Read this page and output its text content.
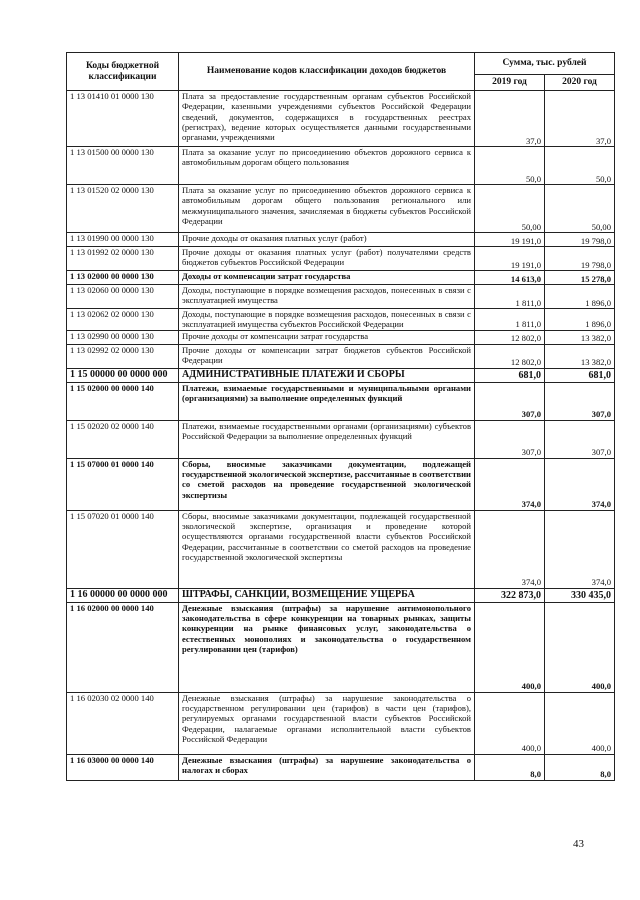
Коды бюджетной классификации	Наименование кодов классификации доходов бюджетов	Сумма, тыс. рублей	
		2019 год	2020 год
1 13 01410 01 0000 130	Плата за предоставление государственным органам субъектов Российской Федерации, казенными учреждениями субъектов Российской Федерации сведений, документов, содержащихся в государственных реестрах (регистрах), ведение которых осуществляется данными государственными органами, учреждениями	37,0	37,0
1 13 01500 00 0000 130	Плата за оказание услуг по присоединению объектов дорожного сервиса к автомобильным дорогам общего пользования	50,0	50,0
1 13 01520 02 0000 130	Плата за оказание услуг по присоединению объектов дорожного сервиса к автомобильным дорогам общего пользования регионального или межмуниципального значения, зачисляемая в бюджеты субъектов Российской Федерации	50,00	50,00
1 13 01990 00 0000 130	Прочие доходы от оказания платных услуг (работ)	19 191,0	19 798,0
1 13 01992 02 0000 130	Прочие доходы от оказания платных услуг (работ) получателями средств бюджетов субъектов Российской Федерации	19 191,0	19 798,0
1 13 02000 00 0000 130	Доходы от компенсации затрат государства	14 613,0	15 278,0
1 13 02060 00 0000 130	Доходы, поступающие в порядке возмещения расходов, понесенных в связи с эксплуатацией имущества	1 811,0	1 896,0
1 13 02062 02 0000 130	Доходы, поступающие в порядке возмещения расходов, понесенных в связи с эксплуатацией имущества субъектов Российской Федерации	1 811,0	1 896,0
1 13 02990 00 0000 130	Прочие доходы от компенсации затрат государства	12 802,0	13 382,0
1 13 02992 02 0000 130	Прочие доходы от компенсации затрат бюджетов субъектов Российской Федерации	12 802,0	13 382,0
1 15 00000 00 0000 000	АДМИНИСТРАТИВНЫЕ ПЛАТЕЖИ И СБОРЫ	681,0	681,0
1 15 02000 00 0000 140	Платежи, взимаемые государственными и муниципальными органами (организациями) за выполнение определенных функций	307,0	307,0
1 15 02020 02 0000 140	Платежи, взимаемые государственными органами (организациями) субъектов Российской Федерации за выполнение определенных функций	307,0	307,0
1 15 07000 01 0000 140	Сборы, вносимые заказчиками документации, подлежащей государственной экологической экспертизе, рассчитанные в соответствии со сметой расходов на проведение государственной экологической экспертизы	374,0	374,0
1 15 07020 01 0000 140	Сборы, вносимые заказчиками документации, подлежащей государственной экологической экспертизе, организация и проведение которой осуществляются органами государственной власти субъектов Российской Федерации, рассчитанные в соответствии со сметой расходов на проведение государственной экологической экспертизы	374,0	374,0
1 16 00000 00 0000 000	ШТРАФЫ, САНКЦИИ, ВОЗМЕЩЕНИЕ УЩЕРБА	322 873,0	330 435,0
1 16 02000 00 0000 140	Денежные взыскания (штрафы) за нарушение антимонопольного законодательства в сфере конкуренции на товарных рынках, защиты конкуренции на рынке финансовых услуг, законодательства о естественных монополиях и законодательства о государственном регулировании цен (тарифов)	400,0	400,0
1 16 02030 02 0000 140	Денежные взыскания (штрафы) за нарушение законодательства о государственном регулировании цен (тарифов) в части цен (тарифов), регулируемых органами государственной власти субъектов Российской Федерации, налагаемые органами исполнительной власти субъектов Российской Федерации	400,0	400,0
1 16 03000 00 0000 140	Денежные взыскания (штрафы) за нарушение законодательства о налогах и сборах	8,0	8,0
43
